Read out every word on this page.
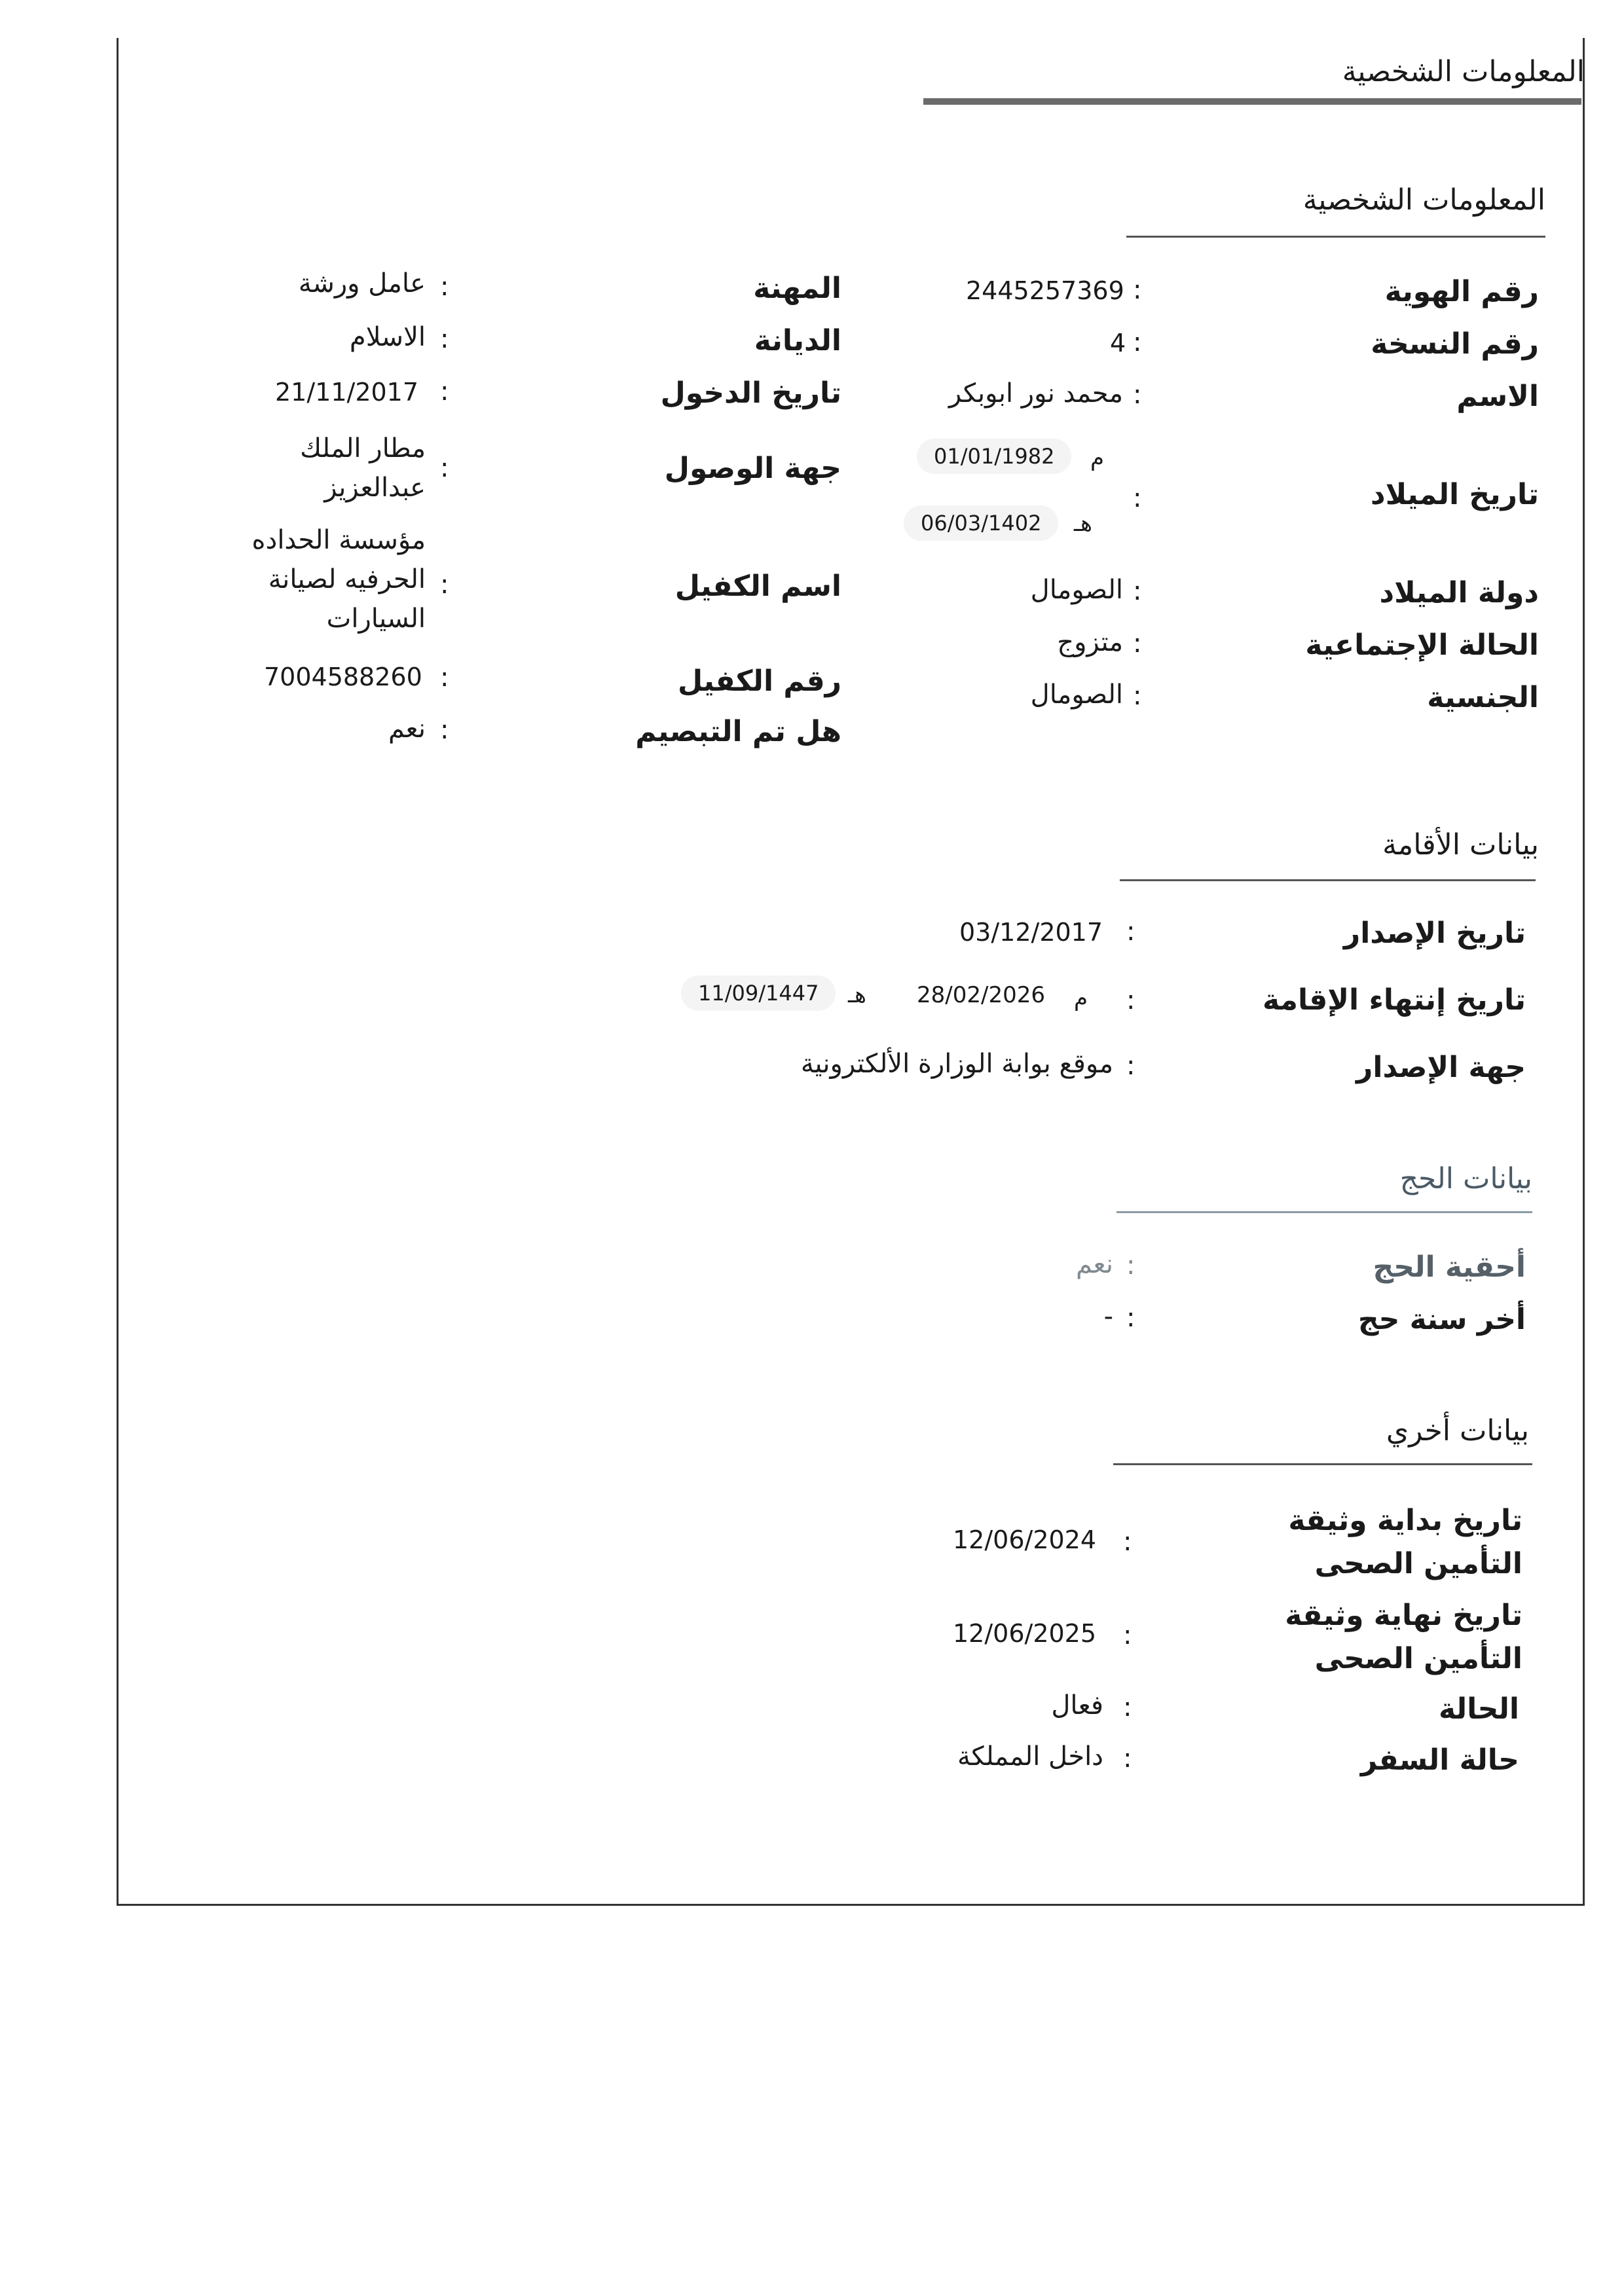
المعلومات الشخصية
المعلومات الشخصية
رقم الهوية
:
2445257369
رقم النسخة
:
4
الاسم
:
محمد نور ابوبكر
تاريخ الميلاد
:
م
01/01/1982
هـ
06/03/1402
دولة الميلاد
:
الصومال
الحالة الإجتماعية
:
متزوج
الجنسية
:
الصومال
المهنة
:
عامل ورشة
الديانة
:
الاسلام
تاريخ الدخول
:
21/11/2017
جهة الوصول
:
مطار الملك عبدالعزيز
اسم الكفيل
:
مؤسسة الحداده الحرفيه لصيانة السيارات
رقم الكفيل
:
7004588260
هل تم التبصيم
:
نعم
بيانات الأقامة
تاريخ الإصدار
:
03/12/2017
تاريخ إنتهاء الإقامة
:
م
28/02/2026
هـ
11/09/1447
جهة الإصدار
:
موقع بوابة الوزارة الألكترونية
بيانات الحج
أحقية الحج
:
نعم
أخر سنة حج
:
-
بيانات أخري
تاريخ بداية وثيقة التأمين الصحى
:
12/06/2024
تاريخ نهاية وثيقة التأمين الصحى
:
12/06/2025
الحالة
:
فعال
حالة السفر
:
داخل المملكة
